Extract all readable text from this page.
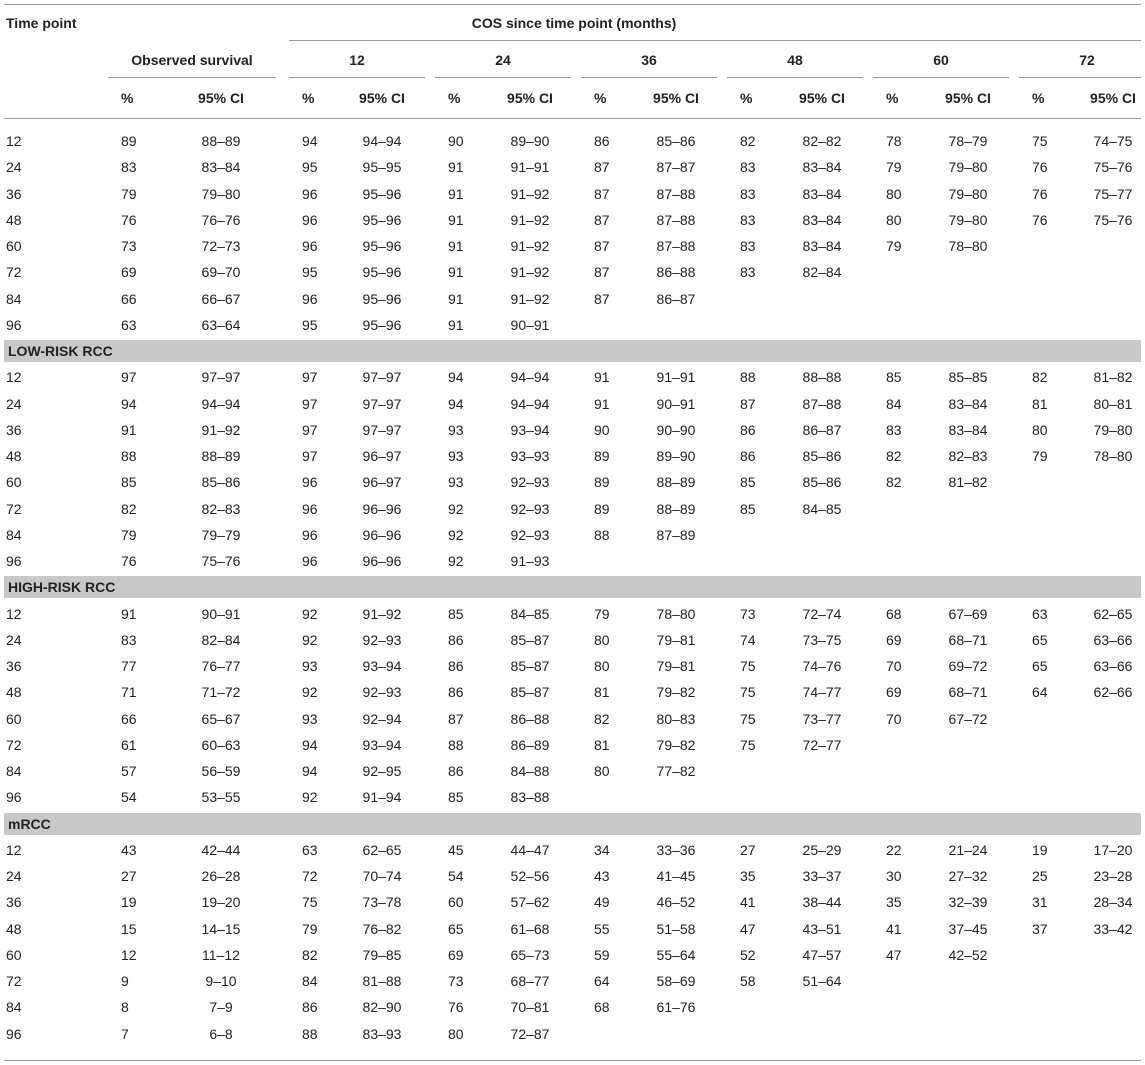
Time point	COS since time point (months)
Observed survival	12	24	36	48	60	72
%	95% CI	%	95% CI	%	95% CI	%	95% CI	%	95% CI	%	95% CI	%	95% CI
12	89	88–89	94	94–94	90	89–90	86	85–86	82	82–82	78	78–79	75	74–75
24	83	83–84	95	95–95	91	91–91	87	87–87	83	83–84	79	79–80	76	75–76
36	79	79–80	96	95–96	91	91–92	87	87–88	83	83–84	80	79–80	76	75–77
48	76	76–76	96	95–96	91	91–92	87	87–88	83	83–84	80	79–80	76	75–76
60	73	72–73	96	95–96	91	91–92	87	87–88	83	83–84	79	78–80
72	69	69–70	95	95–96	91	91–92	87	86–88	83	82–84
84	66	66–67	96	95–96	91	91–92	87	86–87
96	63	63–64	95	95–96	91	90–91
LOW-RISK RCC
12	97	97–97	97	97–97	94	94–94	91	91–91	88	88–88	85	85–85	82	81–82
24	94	94–94	97	97–97	94	94–94	91	90–91	87	87–88	84	83–84	81	80–81
36	91	91–92	97	97–97	93	93–94	90	90–90	86	86–87	83	83–84	80	79–80
48	88	88–89	97	96–97	93	93–93	89	89–90	86	85–86	82	82–83	79	78–80
60	85	85–86	96	96–97	93	92–93	89	88–89	85	85–86	82	81–82
72	82	82–83	96	96–96	92	92–93	89	88–89	85	84–85
84	79	79–79	96	96–96	92	92–93	88	87–89
96	76	75–76	96	96–96	92	91–93
HIGH-RISK RCC
12	91	90–91	92	91–92	85	84–85	79	78–80	73	72–74	68	67–69	63	62–65
24	83	82–84	92	92–93	86	85–87	80	79–81	74	73–75	69	68–71	65	63–66
36	77	76–77	93	93–94	86	85–87	80	79–81	75	74–76	70	69–72	65	63–66
48	71	71–72	92	92–93	86	85–87	81	79–82	75	74–77	69	68–71	64	62–66
60	66	65–67	93	92–94	87	86–88	82	80–83	75	73–77	70	67–72
72	61	60–63	94	93–94	88	86–89	81	79–82	75	72–77
84	57	56–59	94	92–95	86	84–88	80	77–82
96	54	53–55	92	91–94	85	83–88
mRCC
12	43	42–44	63	62–65	45	44–47	34	33–36	27	25–29	22	21–24	19	17–20
24	27	26–28	72	70–74	54	52–56	43	41–45	35	33–37	30	27–32	25	23–28
36	19	19–20	75	73–78	60	57–62	49	46–52	41	38–44	35	32–39	31	28–34
48	15	14–15	79	76–82	65	61–68	55	51–58	47	43–51	41	37–45	37	33–42
60	12	11–12	82	79–85	69	65–73	59	55–64	52	47–57	47	42–52
72	9	9–10	84	81–88	73	68–77	64	58–69	58	51–64
84	8	7–9	86	82–90	76	70–81	68	61–76
96	7	6–8	88	83–93	80	72–87
